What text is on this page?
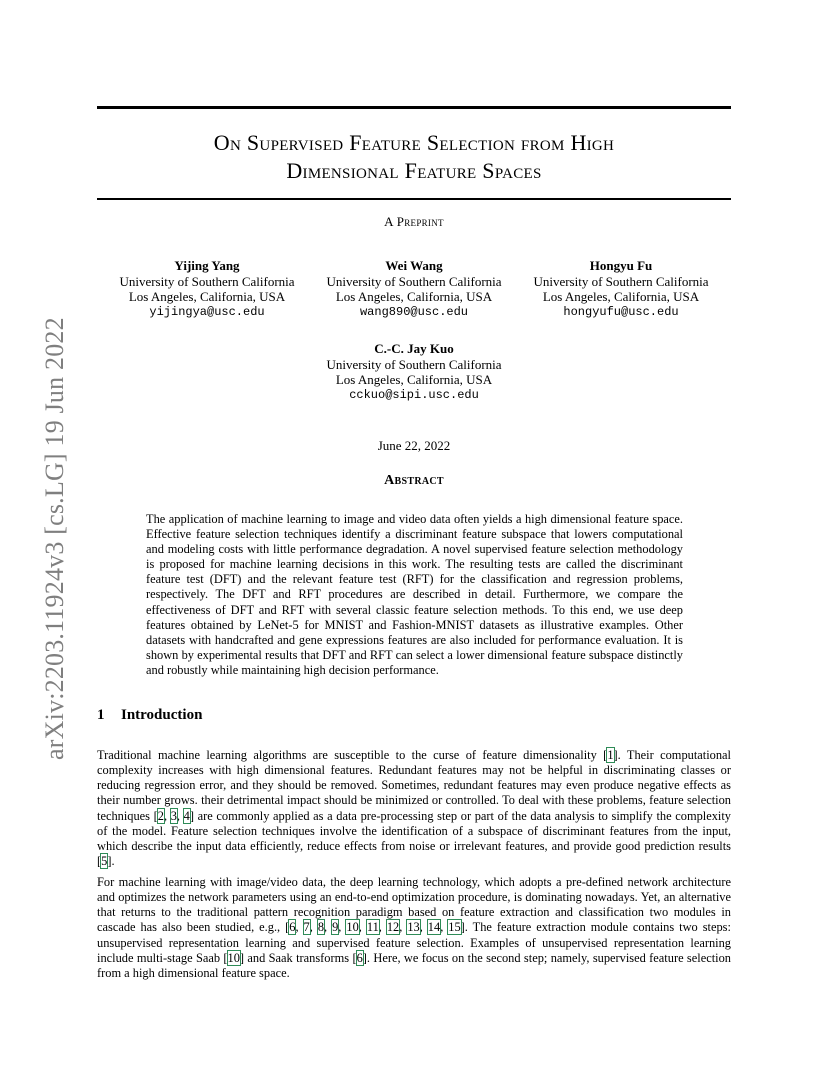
arXiv:2203.11924v3 [cs.LG] 19 Jun 2022
On Supervised Feature Selection from High
Dimensional Feature Spaces
A Preprint
Yijing Yang
University of Southern California
Los Angeles, California, USA
yijingya@usc.edu
Wei Wang
University of Southern California
Los Angeles, California, USA
wang890@usc.edu
Hongyu Fu
University of Southern California
Los Angeles, California, USA
hongyufu@usc.edu
C.-C. Jay Kuo
University of Southern California
Los Angeles, California, USA
cckuo@sipi.usc.edu
June 22, 2022
Abstract
The application of machine learning to image and video data often yields a high dimensional feature space. Effective feature selection techniques identify a discriminant feature subspace that lowers computational and modeling costs with little performance degradation. A novel supervised feature selection methodology is proposed for machine learning decisions in this work. The resulting tests are called the discriminant feature test (DFT) and the relevant feature test (RFT) for the classification and regression problems, respectively. The DFT and RFT procedures are described in detail. Furthermore, we compare the effectiveness of DFT and RFT with several classic feature selection methods. To this end, we use deep features obtained by LeNet-5 for MNIST and Fashion-MNIST datasets as illustrative examples. Other datasets with handcrafted and gene expressions features are also included for performance evaluation. It is shown by experimental results that DFT and RFT can select a lower dimensional feature subspace distinctly and robustly while maintaining high decision performance.
1 Introduction
Traditional machine learning algorithms are susceptible to the curse of feature dimensionality [1]. Their computational complexity increases with high dimensional features. Redundant features may not be helpful in discriminating classes or reducing regression error, and they should be removed. Sometimes, redundant features may even produce negative effects as their number grows. their detrimental impact should be minimized or controlled. To deal with these problems, feature selection techniques [2, 3, 4] are commonly applied as a data pre-processing step or part of the data analysis to simplify the complexity of the model. Feature selection techniques involve the identification of a subspace of discriminant features from the input, which describe the input data efficiently, reduce effects from noise or irrelevant features, and provide good prediction results [5].
For machine learning with image/video data, the deep learning technology, which adopts a pre-defined network architecture and optimizes the network parameters using an end-to-end optimization procedure, is dominating nowadays. Yet, an alternative that returns to the traditional pattern recognition paradigm based on feature extraction and classification two modules in cascade has also been studied, e.g., [6, 7, 8, 9, 10, 11, 12, 13, 14, 15]. The feature extraction module contains two steps: unsupervised representation learning and supervised feature selection. Examples of unsupervised representation learning include multi-stage Saab [10] and Saak transforms [6]. Here, we focus on the second step; namely, supervised feature selection from a high dimensional feature space.
